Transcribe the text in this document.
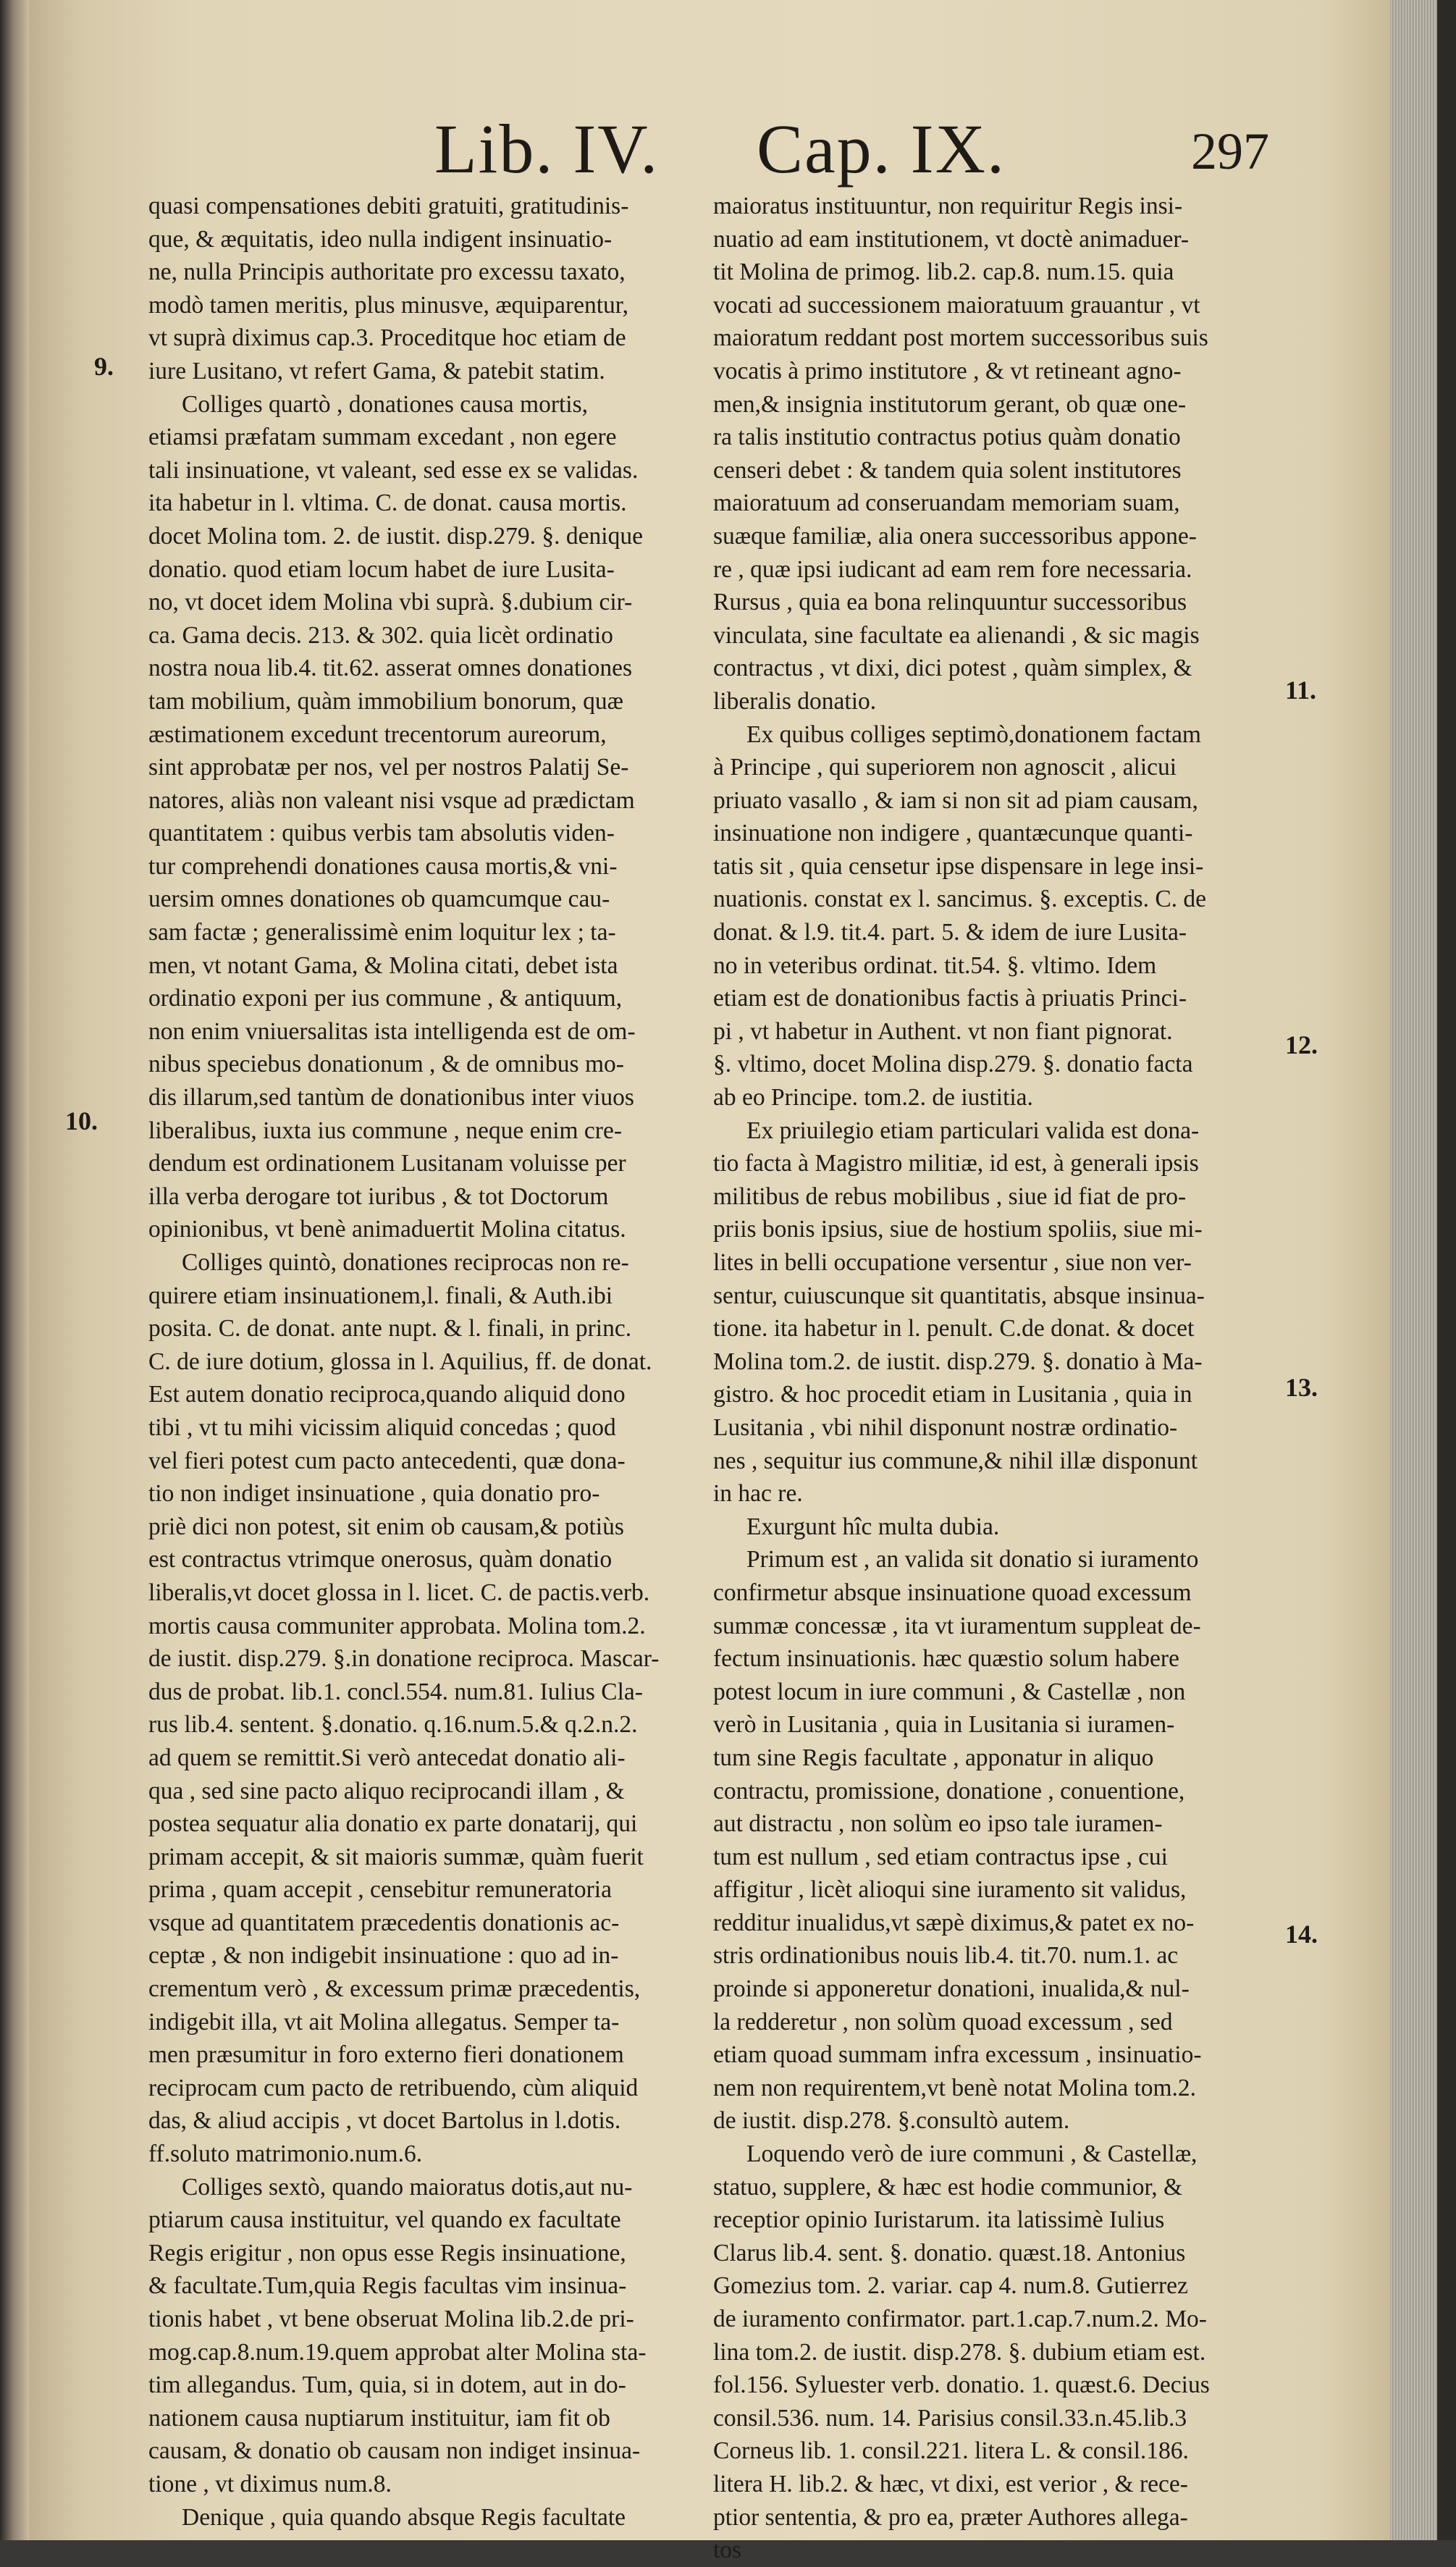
Lib. IV. Cap. IX.	297
9.
10.
11.
12.
13.
14.
quasi compensationes debiti gratuiti, gratitudinis-
que, & æquitatis, ideo nulla indigent insinuatio-
ne, nulla Principis authoritate pro excessu taxato,
modò tamen meritis, plus minusve, æquiparentur,
vt suprà diximus cap.3. Proceditque hoc etiam de
iure Lusitano, vt refert Gama, & patebit statim.
Colliges quartò , donationes causa mortis,
etiamsi præfatam summam excedant , non egere
tali insinuatione, vt valeant, sed esse ex se validas.
ita habetur in l. vltima. C. de donat. causa mortis.
docet Molina tom. 2. de iustit. disp.279. §. denique
donatio. quod etiam locum habet de iure Lusita-
no, vt docet idem Molina vbi suprà. §.dubium cir-
ca. Gama decis. 213. & 302. quia licèt ordinatio
nostra noua lib.4. tit.62. asserat omnes donationes
tam mobilium, quàm immobilium bonorum, quæ
æstimationem excedunt trecentorum aureorum,
sint approbatæ per nos, vel per nostros Palatij Se-
natores, aliàs non valeant nisi vsque ad prædictam
quantitatem : quibus verbis tam absolutis viden-
tur comprehendi donationes causa mortis,& vni-
uersim omnes donationes ob quamcumque cau-
sam factæ ; generalissimè enim loquitur lex ; ta-
men, vt notant Gama, & Molina citati, debet ista
ordinatio exponi per ius commune , & antiquum,
non enim vniuersalitas ista intelligenda est de om-
nibus speciebus donationum , & de omnibus mo-
dis illarum,sed tantùm de donationibus inter viuos
liberalibus, iuxta ius commune , neque enim cre-
dendum est ordinationem Lusitanam voluisse per
illa verba derogare tot iuribus , & tot Doctorum
opinionibus, vt benè animaduertit Molina citatus.
Colliges quintò, donationes reciprocas non re-
quirere etiam insinuationem,l. finali, & Auth.ibi
posita. C. de donat. ante nupt. & l. finali, in princ.
C. de iure dotium, glossa in l. Aquilius, ff. de donat.
Est autem donatio reciproca,quando aliquid dono
tibi , vt tu mihi vicissim aliquid concedas ; quod
vel fieri potest cum pacto antecedenti, quæ dona-
tio non indiget insinuatione , quia donatio pro-
priè dici non potest, sit enim ob causam,& potiùs
est contractus vtrimque onerosus, quàm donatio
liberalis,vt docet glossa in l. licet. C. de pactis.verb.
mortis causa communiter approbata. Molina tom.2.
de iustit. disp.279. §.in donatione reciproca. Mascar-
dus de probat. lib.1. concl.554. num.81. Iulius Cla-
rus lib.4. sentent. §.donatio. q.16.num.5.& q.2.n.2.
ad quem se remittit.Si verò antecedat donatio ali-
qua , sed sine pacto aliquo reciprocandi illam , &
postea sequatur alia donatio ex parte donatarij, qui
primam accepit, & sit maioris summæ, quàm fuerit
prima , quam accepit , censebitur remuneratoria
vsque ad quantitatem præcedentis donationis ac-
ceptæ , & non indigebit insinuatione : quo ad in-
crementum verò , & excessum primæ præcedentis,
indigebit illa, vt ait Molina allegatus. Semper ta-
men præsumitur in foro externo fieri donationem
reciprocam cum pacto de retribuendo, cùm aliquid
das, & aliud accipis , vt docet Bartolus in l.dotis.
ff.soluto matrimonio.num.6.
Colliges sextò, quando maioratus dotis,aut nu-
ptiarum causa instituitur, vel quando ex facultate
Regis erigitur , non opus esse Regis insinuatione,
& facultate.Tum,quia Regis facultas vim insinua-
tionis habet , vt bene obseruat Molina lib.2.de pri-
mog.cap.8.num.19.quem approbat alter Molina sta-
tim allegandus. Tum, quia, si in dotem, aut in do-
nationem causa nuptiarum instituitur, iam fit ob
causam, & donatio ob causam non indiget insinua-
tione , vt diximus num.8.
Denique , quia quando absque Regis facultate
maioratus instituuntur, non requiritur Regis insi-
nuatio ad eam institutionem, vt doctè animaduer-
tit Molina de primog. lib.2. cap.8. num.15. quia
vocati ad successionem maioratuum grauantur , vt
maioratum reddant post mortem successoribus suis
vocatis à primo institutore , & vt retineant agno-
men,& insignia institutorum gerant, ob quæ one-
ra talis institutio contractus potius quàm donatio
censeri debet : & tandem quia solent institutores
maioratuum ad conseruandam memoriam suam,
suæque familiæ, alia onera successoribus appone-
re , quæ ipsi iudicant ad eam rem fore necessaria.
Rursus , quia ea bona relinquuntur successoribus
vinculata, sine facultate ea alienandi , & sic magis
contractus , vt dixi, dici potest , quàm simplex, &
liberalis donatio.
Ex quibus colliges septimò,donationem factam
à Principe , qui superiorem non agnoscit , alicui
priuato vasallo , & iam si non sit ad piam causam,
insinuatione non indigere , quantæcunque quanti-
tatis sit , quia censetur ipse dispensare in lege insi-
nuationis. constat ex l. sancimus. §. exceptis. C. de
donat. & l.9. tit.4. part. 5. & idem de iure Lusita-
no in veteribus ordinat. tit.54. §. vltimo. Idem
etiam est de donationibus factis à priuatis Princi-
pi , vt habetur in Authent. vt non fiant pignorat.
§. vltimo, docet Molina disp.279. §. donatio facta
ab eo Principe. tom.2. de iustitia.
Ex priuilegio etiam particulari valida est dona-
tio facta à Magistro militiæ, id est, à generali ipsis
militibus de rebus mobilibus , siue id fiat de pro-
priis bonis ipsius, siue de hostium spoliis, siue mi-
lites in belli occupatione versentur , siue non ver-
sentur, cuiuscunque sit quantitatis, absque insinua-
tione. ita habetur in l. penult. C.de donat. & docet
Molina tom.2. de iustit. disp.279. §. donatio à Ma-
gistro. & hoc procedit etiam in Lusitania , quia in
Lusitania , vbi nihil disponunt nostræ ordinatio-
nes , sequitur ius commune,& nihil illæ disponunt
in hac re.
Exurgunt hîc multa dubia.
Primum est , an valida sit donatio si iuramento
confirmetur absque insinuatione quoad excessum
summæ concessæ , ita vt iuramentum suppleat de-
fectum insinuationis. hæc quæstio solum habere
potest locum in iure communi , & Castellæ , non
verò in Lusitania , quia in Lusitania si iuramen-
tum sine Regis facultate , apponatur in aliquo
contractu, promissione, donatione , conuentione,
aut distractu , non solùm eo ipso tale iuramen-
tum est nullum , sed etiam contractus ipse , cui
affigitur , licèt alioqui sine iuramento sit validus,
redditur inualidus,vt sæpè diximus,& patet ex no-
stris ordinationibus nouis lib.4. tit.70. num.1. ac
proinde si apponeretur donationi, inualida,& nul-
la redderetur , non solùm quoad excessum , sed
etiam quoad summam infra excessum , insinuatio-
nem non requirentem,vt benè notat Molina tom.2.
de iustit. disp.278. §.consultò autem.
Loquendo verò de iure communi , & Castellæ,
statuo, supplere, & hæc est hodie communior, &
receptior opinio Iuristarum. ita latissimè Iulius
Clarus lib.4. sent. §. donatio. quæst.18. Antonius
Gomezius tom. 2. variar. cap 4. num.8. Gutierrez
de iuramento confirmator. part.1.cap.7.num.2. Mo-
lina tom.2. de iustit. disp.278. §. dubium etiam est.
fol.156. Syluester verb. donatio. 1. quæst.6. Decius
consil.536. num. 14. Parisius consil.33.n.45.lib.3
Corneus lib. 1. consil.221. litera L. & consil.186.
litera H. lib.2. & hæc, vt dixi, est verior , & rece-
ptior sententia, & pro ea, præter Authores allega-
tos
